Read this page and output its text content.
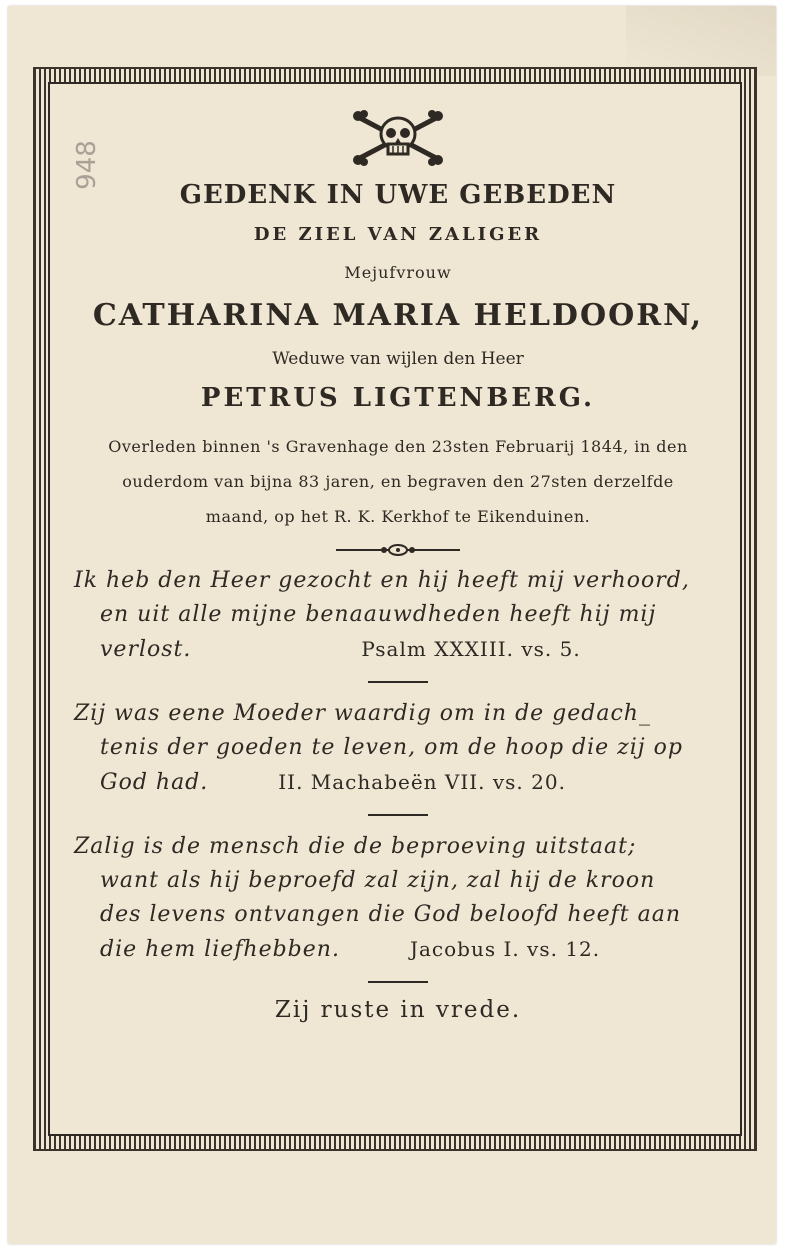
948
GEDENK IN UWE GEBEDEN
DE ZIEL VAN ZALIGER
Mejufvrouw
CATHARINA MARIA HELDOORN,
Weduwe van wijlen den Heer
PETRUS LIGTENBERG.
Overleden binnen 's Gravenhage den 23sten Februarij 1844, in den
ouderdom van bijna 83 jaren, en begraven den 27sten derzelfde
maand, op het R. K. Kerkhof te Eikenduinen.
Ik heb den Heer gezocht en hij heeft mij verhoord,
en uit alle mijne benaauwdheden heeft hij mij
verlost.	Psalm XXXIII. vs. 5.
Zij was eene Moeder waardig om in de gedach_
tenis der goeden te leven, om de hoop die zij op
God had.	II. Machabeën VII. vs. 20.
Zalig is de mensch die de beproeving uitstaat;
want als hij beproefd zal zijn, zal hij de kroon
des levens ontvangen die God beloofd heeft aan
die hem liefhebben.	Jacobus I. vs. 12.
Zij ruste in vrede.
